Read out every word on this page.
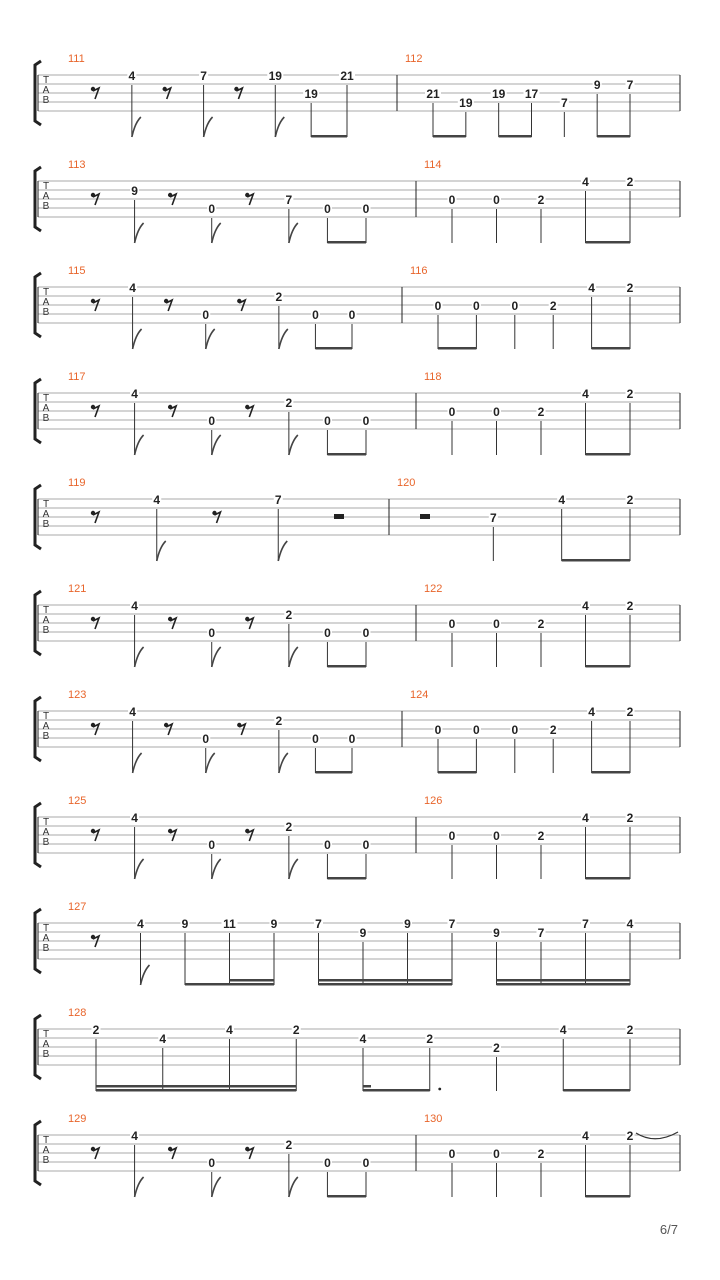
T
A
B
111
4	7	19
19
21
112
21
19
19 17
7
9 7
T
A
B
113
9
0
7
0	0
114
0	0	2
4	2
T
A
B
115
4
0
2
0 0
116
0	0	0	2
4	2
T
A
B
117
4
0
2
0	0
118
0	0	2
4	2
T
A
B
119
4	7
120
7
4	2
T
A
B
121
4
0
2
0	0
122
0	0	2
4	2
T
A
B
123
4
0
2
0 0
124
0	0	0	2
4	2
T
A
B
125
4
0
2
0	0
126
0	0	2
4	2
T
A
B
127
4	9	11	9	7
9
9	7
9	7
7	4
T
A
B
128
2
4
4	2
4	2
2
4	2
T
A
B
129
4
0
2
0	0
130
0	0	2
4	2
6/7
